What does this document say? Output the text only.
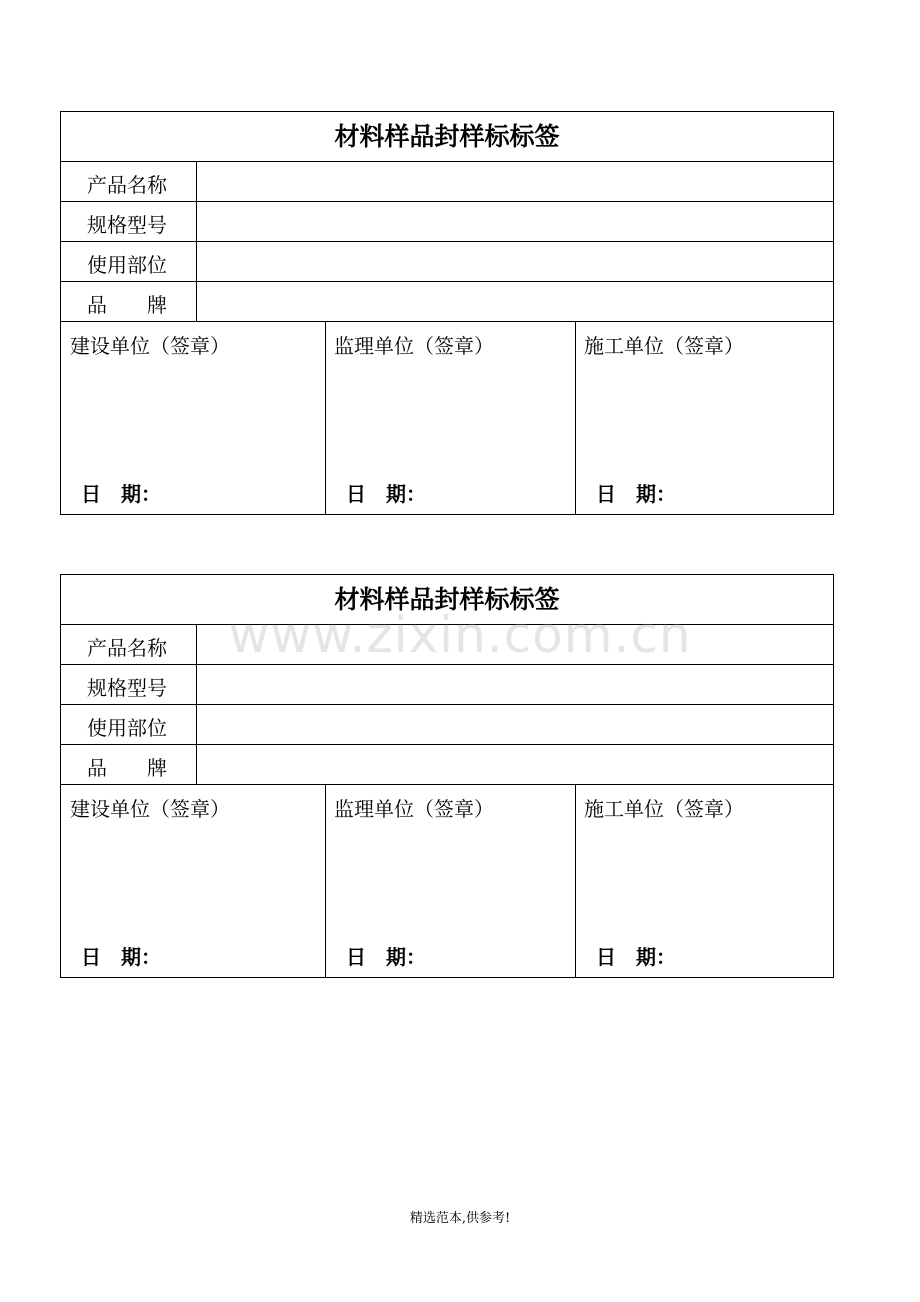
材料样品封样标标签
产品名称
规格型号
使用部位
品　　牌
建设单位（签章）
日　期：
监理单位（签章）
日　期：
施工单位（签章）
日　期：
材料样品封样标标签
产品名称
规格型号
使用部位
品　　牌
建设单位（签章）
日　期：
监理单位（签章）
日　期：
施工单位（签章）
日　期：
www.zixin.com.cn
精选范本,供参考!
